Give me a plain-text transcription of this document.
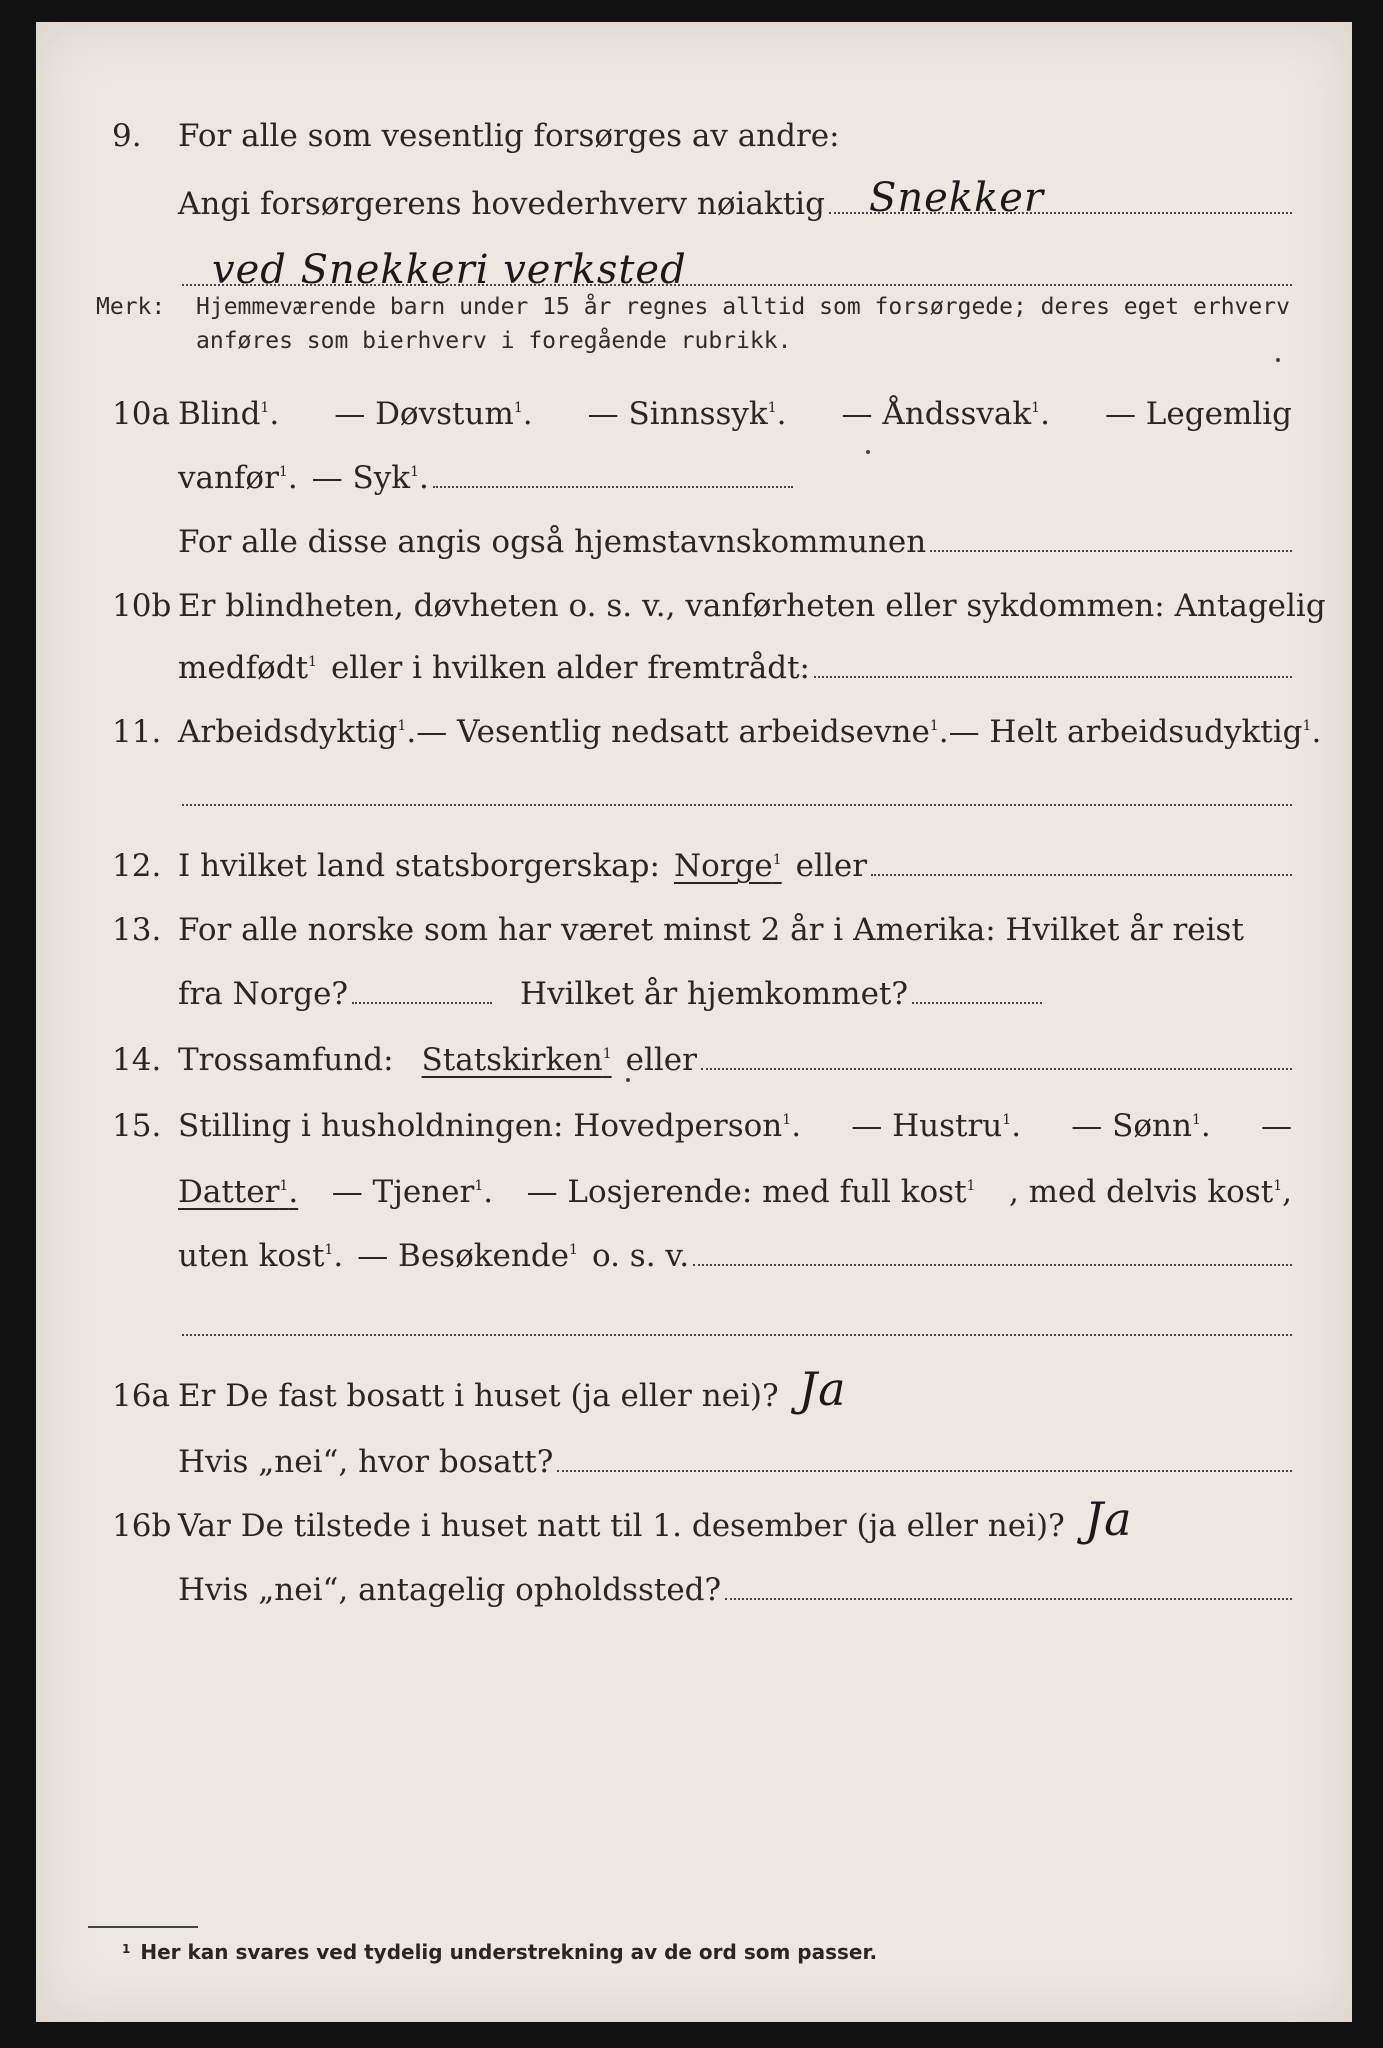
9.	For alle som vesentlig forsørges av andre:
Angi forsørgerens hovederhverv nøiaktig Snekker
ved Snekkeri verksted
Merk: Hjemmeværende barn under 15 år regnes alltid som forsørgede; deres eget erhverv
anføres som bierhverv i foregående rubrikk.
10a Blind$^1$. — Døvstum$^1$. — Sinnssyk$^1$. — Åndssvak$^1$. — Legemlig
vanfør$^1$. — Syk$^1$.
For alle disse angis også hjemstavnskommunen
10b Er blindheten, døvheten o. s. v., vanførheten eller sykdommen: Antagelig
medfødt$^1$ eller i hvilken alder fremtrådt:
11. Arbeidsdyktig$^1$. — Vesentlig nedsatt arbeidsevne$^1$. — Helt arbeidsudyktig$^1$.
12. I hvilket land statsborgerskap: Norge$^1$ eller
13. For alle norske som har været minst 2 år i Amerika: Hvilket år reist
fra Norge?	Hvilket år hjemkommet?
14. Trossamfund: Statskirken$^1$ eller
15. Stilling i husholdningen: Hovedperson$^1$. — Hustru$^1$. — Sønn$^1$. —
Datter$^1$. — Tjener$^1$. — Losjerende: med full kost$^1$ , med delvis kost$^1$,
uten kost$^1$. — Besøkende$^1$ o. s. v.
16a Er De fast bosatt i huset (ja eller nei)? Ja
Hvis „nei“, hvor bosatt?
16b Var De tilstede i huset natt til 1. desember (ja eller nei)? Ja
Hvis „nei“, antagelig opholdssted?
$^1$ Her kan svares ved tydelig understrekning av de ord som passer.
